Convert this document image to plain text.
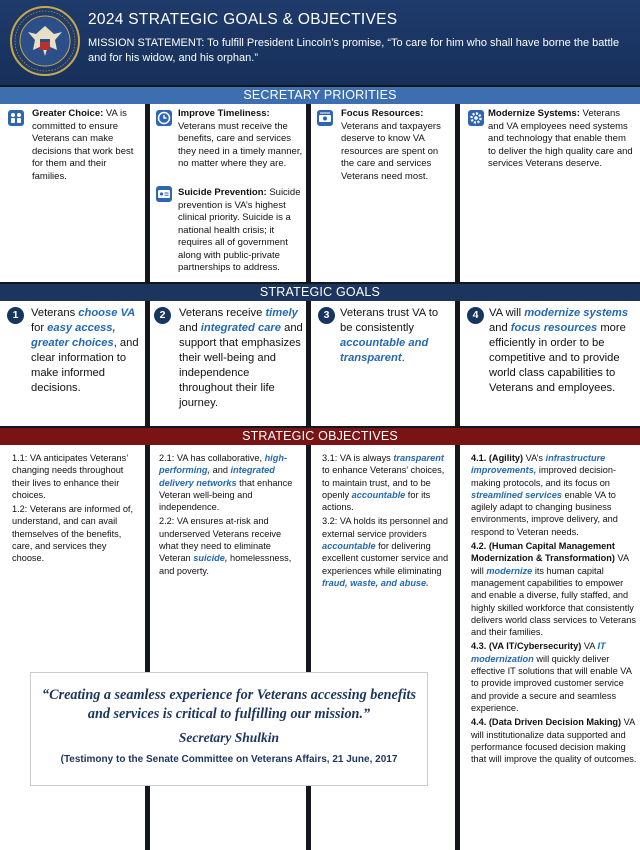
2024 STRATEGIC GOALS & OBJECTIVES
MISSION STATEMENT: To fulfill President Lincoln’s promise, “To care for him who shall have borne the battle and for his widow, and his orphan.”
SECRETARY PRIORITIES
Greater Choice: VA is committed to ensure Veterans can make decisions that work best for them and their families.
Improve Timeliness: Veterans must receive the benefits, care and services they need in a timely manner, no matter where they are.
Suicide Prevention: Suicide prevention is VA’s highest clinical priority. Suicide is a national health crisis; it requires all of government along with public-private partnerships to address.
Focus Resources: Veterans and taxpayers deserve to know VA resources are spent on the care and services Veterans need most.
Modernize Systems: Veterans and VA employees need systems and technology that enable them to deliver the high quality care and services Veterans deserve.
STRATEGIC GOALS
1	Veterans choose VA for easy access, greater choices, and clear information to make informed decisions.
2	Veterans receive timely and integrated care and support that emphasizes their well-being and independence throughout their life journey.
3 Veterans trust VA to be consistently accountable and transparent.
4 VA will modernize systems and focus resources more efficiently in order to be competitive and to provide world class capabilities to Veterans and employees.
STRATEGIC OBJECTIVES

1.1: VA anticipates Veterans’ changing needs throughout their lives to enhance their choices.

1.2: Veterans are informed of, understand, and can avail themselves of the benefits, care, and services they choose.

2.1: VA has collaborative, high-performing, and integrated delivery networks that enhance Veteran well-being and independence.

2.2: VA ensures at-risk and underserved Veterans receive what they need to eliminate Veteran suicide, homelessness, and poverty.

3.1: VA is always transparent to enhance Veterans’ choices, to maintain trust, and to be openly accountable for its actions.

3.2: VA holds its personnel and external service providers accountable for delivering excellent customer service and experiences while eliminating fraud, waste, and abuse.

4.1. (Agility) VA’s infrastructure improvements, improved decision-making protocols, and its focus on streamlined services enable VA to agilely adapt to changing business environments, improve delivery, and respond to Veteran needs.

4.2. (Human Capital Management Modernization & Transformation) VA will modernize its human capital management capabilities to empower and enable a diverse, fully staffed, and highly skilled workforce that consistently delivers world class services to Veterans and their families.

4.3. (VA IT/Cybersecurity) VA IT modernization will quickly deliver effective IT solutions that will enable VA to provide improved customer service and provide a secure and seamless experience.

4.4. (Data Driven Decision Making) VA will institutionalize data supported and performance focused decision making that will improve the quality of outcomes.

“Creating a seamless experience for Veterans accessing benefits and services is critical to fulfilling our mission.”
Secretary Shulkin
(Testimony to the Senate Committee on Veterans Affairs, 21 June, 2017
